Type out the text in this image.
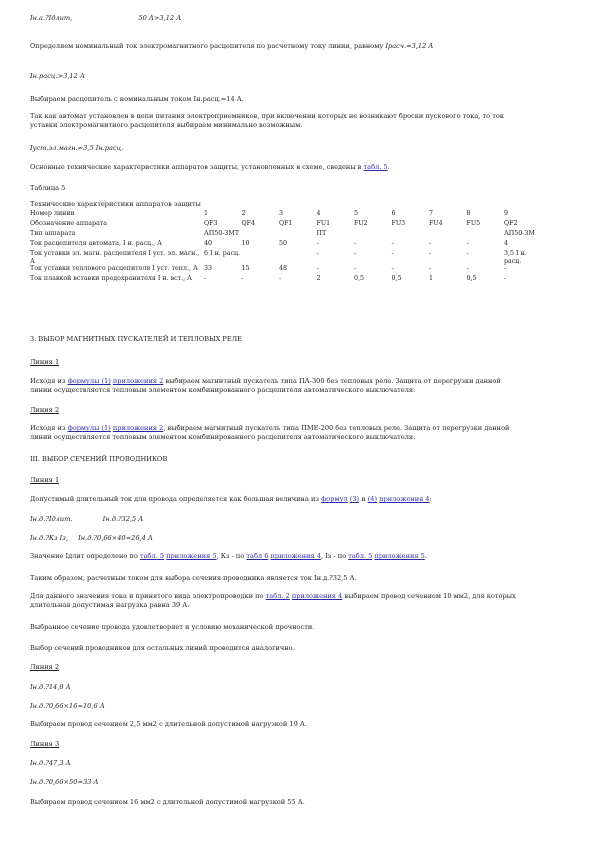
Iн.а.?Iдлит,	50 А>3,12 А
Определяем номинальный ток электромагнитного расцепителя по расчетному току линии, равному Iрасч.=3,12 А
Iн.расц.>3,12 А
Выбираем расцепитель с номинальным током Iн.расц.=14 А.
Так как автомат установлен в цепи питания электроприемников, при включении которых не возникают броски пускового тока, то ток
уставки электромагнитного расцепителя выбираем минимально возможным.
Iуст.эл.магн.=3,5 Iн.расц.
Основные технические характеристики аппаратов защиты, установленных в схеме, сведены в табл. 5.
Таблица 5
Технические характеристики аппаратов защиты
Номер линии	1	2	3	4	5	6	7	8	9
Обозначение аппарата	QF3	QF4	QF1	FU1	FU2	FU3	FU4	FU5	QF2
Тип аппарата	АП50-3МТ			ПТ					АП50-3М
Ток расцепителя автомата, I н. расц., А	40	10	50	-	-	-	-	-	4
Ток уставки эл. магн. расцепителя I уст. эл. магн., А	6 I н. расц.			-	-	-	-	-	3,5 I н. расц.
Ток уставки теплового расцепителя I уст. тепл., А	33	15	48	-	-	-	-	-	-
Ток плавкой вставки предохранителя I н. вст., А	-	-	-	2	0,5	0,5	1	0,5	-
3. ВЫБОР МАГНИТНЫХ ПУСКАТЕЛЕЙ И ТЕПЛОВЫХ РЕЛЕ
Линия 1
Исходя из формулы (1) приложения 2 выбираем магнитный пускатель типа ПА-300 без тепловых реле. Защита от перегрузки данной
линии осуществляется тепловым элементом комбинированного расцепителя автоматического выключателя.
Линия 2
Исходя из формулы (1) приложения 2, выбираем магнитный пускатель типа ПМЕ-200 без тепловых реле. Защита от перегрузки данной
линии осуществляется тепловым элементом комбинированного расцепителя автоматического выключателя.
III. ВЫБОР СЕЧЕНИЙ ПРОВОДНИКОВ
Линия 1
Допустимый длительный ток для провода определяется как большая величина из формул (3) и (4) приложения 4:
Iн.д.?Iдлит.	Iн.д.?32,5 А
Iн.д.?Кз Iз, Iн.д.?0,66×40=26,4 А
Значение Iдлит определено по табл. 5 приложения 5, Кз - по табл 6 приложения 4, Iз - по табл. 5 приложения 5.
Таким образом, расчетным током для выбора сечения проводника является ток Iн.д.?32,5 А.
Для данного значения тока и принятого вида электропроводки по табл. 2 приложения 4 выбираем провод сечением 10 мм2, для которых
длительная допустимая нагрузка равна 39 А.
Выбранное сечение провода удовлетворяет и условию механической прочности.
Выбор сечений проводников для остальных линий проводится аналогично.
Линия 2
Iн.д.?14,8 А
Iн.д.?0,66×16=10,6 А
Выбираем провод сечением 2,5 мм2 с длительной допустимой нагрузкой 19 А.
Линия 3
Iн.д.?47,3 А
Iн.д.?0,66×50=33 А
Выбираем провод сечением 16 мм2 с длительной допустимой нагрузкой 55 А.
